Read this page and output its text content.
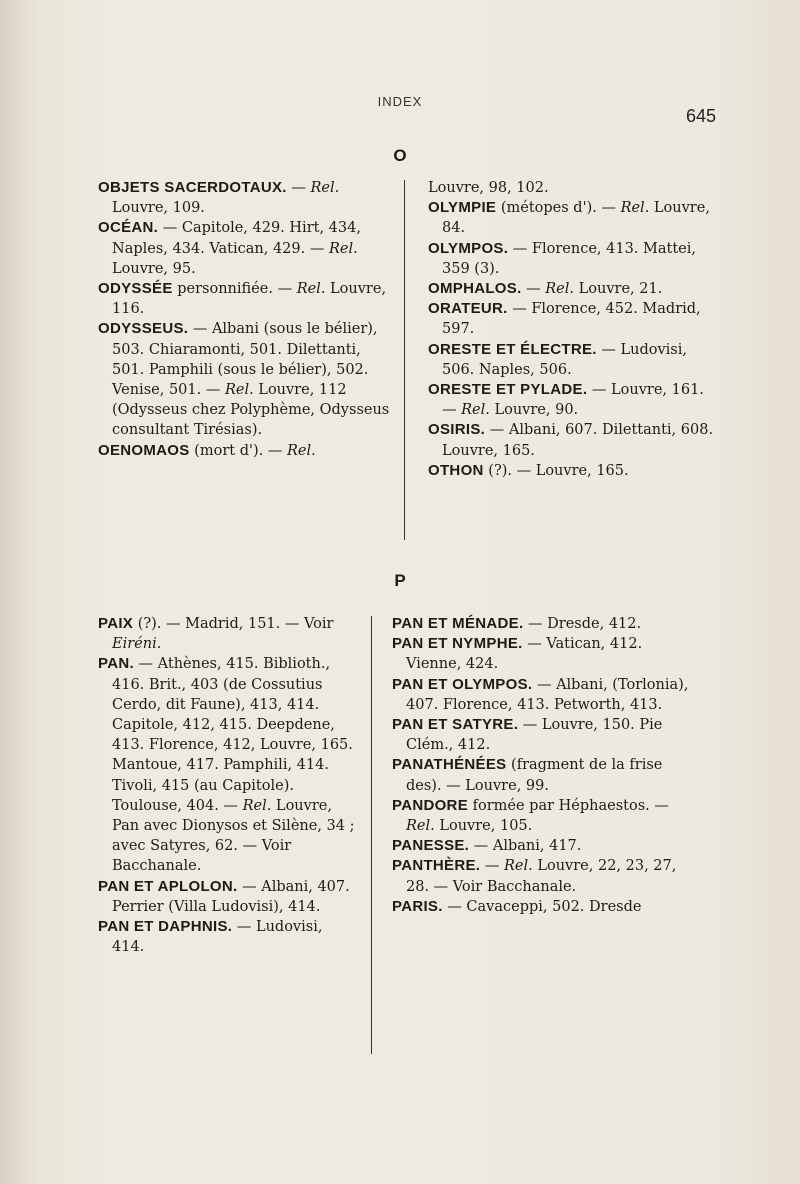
INDEX
645
O

OBJETS SACERDOTAUX. — Rel. Louvre, 109.

OCÉAN. — Capitole, 429. Hirt, 434, Naples, 434. Vatican, 429. — Rel. Louvre, 95.

ODYSSÉE personnifiée. — Rel. Louvre, 116.

ODYSSEUS. — Albani (sous le bélier), 503. Chiaramonti, 501. Dilettanti, 501. Pamphili (sous le bélier), 502. Venise, 501. — Rel. Louvre, 112 (Odysseus chez Polyphème, Odysseus consultant Tirésias).

OENOMAOS (mort d'). — Rel.

Louvre, 98, 102.

OLYMPIE (métopes d'). — Rel. Louvre, 84.

OLYMPOS. — Florence, 413. Mattei, 359 (3).

OMPHALOS. — Rel. Louvre, 21.

ORATEUR. — Florence, 452. Madrid, 597.

ORESTE ET ÉLECTRE. — Ludovisi, 506. Naples, 506.

ORESTE ET PYLADE. — Louvre, 161. — Rel. Louvre, 90.

OSIRIS. — Albani, 607. Dilettanti, 608. Louvre, 165.

OTHON (?). — Louvre, 165.

P

PAIX (?). — Madrid, 151. — Voir Eiréni.

PAN. — Athènes, 415. Biblioth., 416. Brit., 403 (de Cossutius Cerdo, dit Faune), 413, 414. Capitole, 412, 415. Deepdene, 413. Florence, 412, Louvre, 165. Mantoue, 417. Pamphili, 414. Tivoli, 415 (au Capitole). Toulouse, 404. — Rel. Louvre, Pan avec Dionysos et Silène, 34 ; avec Satyres, 62. — Voir Bacchanale.

PAN ET APLOLON. — Albani, 407. Perrier (Villa Ludovisi), 414.

PAN ET DAPHNIS. — Ludovisi, 414.

PAN ET MÉNADE. — Dresde, 412.

PAN ET NYMPHE. — Vatican, 412. Vienne, 424.

PAN ET OLYMPOS. — Albani, (Torlonia), 407. Florence, 413. Petworth, 413.

PAN ET SATYRE. — Louvre, 150. Pie Clém., 412.

PANATHÉNÉES (fragment de la frise des). — Louvre, 99.

PANDORE formée par Héphaestos. — Rel. Louvre, 105.

PANESSE. — Albani, 417.

PANTHÈRE. — Rel. Louvre, 22, 23, 27, 28. — Voir Bacchanale.

PARIS. — Cavaceppi, 502. Dresde
